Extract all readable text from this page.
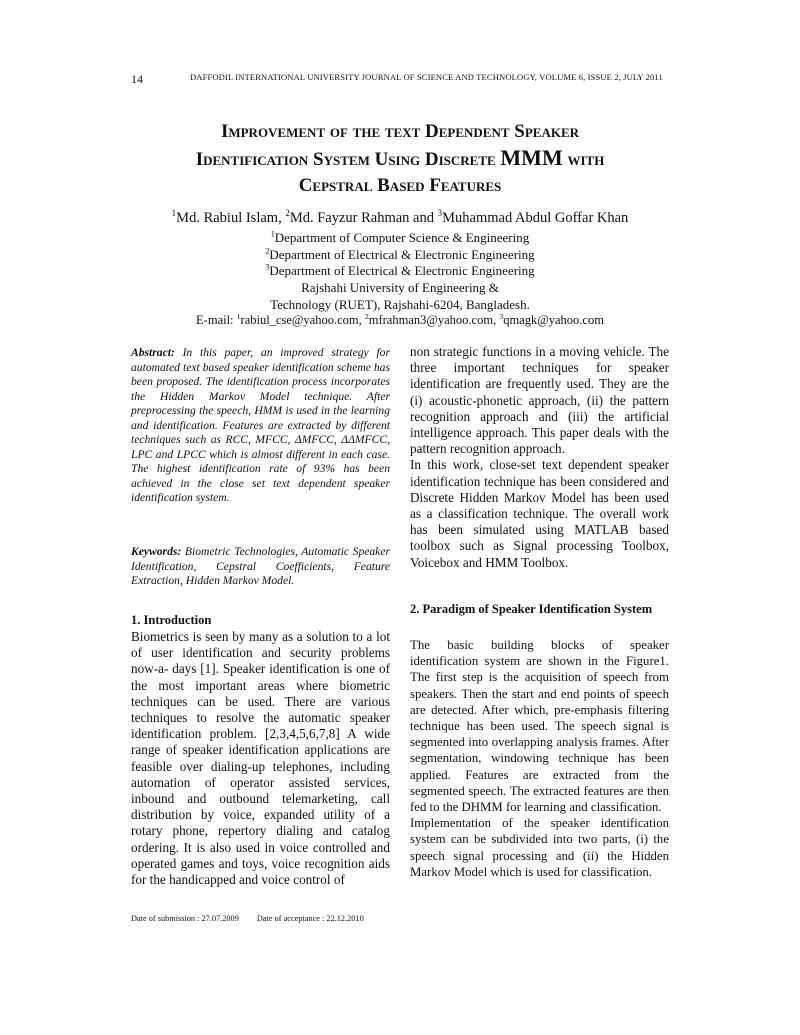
14	DAFFODIL INTERNATIONAL UNIVERSITY JOURNAL OF SCIENCE AND TECHNOLOGY, VOLUME 6, ISSUE 2, JULY 2011
Improvement of the text Dependent Speaker
Identification System Using Discrete MMM with
Cepstral Based Features
$^1$Md. Rabiul Islam, $^2$Md. Fayzur Rahman and $^3$Muhammad Abdul Goffar Khan
$^1$Department of Computer Science & Engineering
$^2$Department of Electrical & Electronic Engineering
$^3$Department of Electrical & Electronic Engineering
Rajshahi University of Engineering &
Technology (RUET), Rajshahi-6204, Bangladesh.
E-mail: $^1$rabiul_cse@yahoo.com, $^2$mfrahman3@yahoo.com, $^3$qmagk@yahoo.com
Abstract: In this paper, an improved strategy for automated text based speaker identification scheme has been proposed. The identification process incorporates the Hidden Markov Model technique. After preprocessing the speech, HMM is used in the learning and identification. Features are extracted by different techniques such as RCC, MFCC, ΔMFCC, ΔΔMFCC, LPC and LPCC which is almost different in each case. The highest identification rate of 93% has been achieved in the close set text dependent speaker identification system.
Keywords: Biometric Technologies, Automatic Speaker Identification, Cepstral Coefficients, Feature Extraction, Hidden Markov Model.
1. Introduction
Biometrics is seen by many as a solution to a lot of user identification and security problems now-a- days [1]. Speaker identification is one of the most important areas where biometric techniques can be used. There are various techniques to resolve the automatic speaker identification problem. [2,3,4,5,6,7,8] A wide range of speaker identification applications are feasible over dialing-up telephones, including automation of operator assisted services, inbound and outbound telemarketing, call distribution by voice, expanded utility of a rotary phone, repertory dialing and catalog ordering. It is also used in voice controlled and operated games and toys, voice recognition aids for the handicapped and voice control of

non strategic functions in a moving vehicle. The three important techniques for speaker identification are frequently used. They are the (i) acoustic-phonetic approach, (ii) the pattern recognition approach and (iii) the artificial intelligence approach. This paper deals with the pattern recognition approach.

In this work, close-set text dependent speaker identification technique has been considered and Discrete Hidden Markov Model has been used as a classification technique. The overall work has been simulated using MATLAB based toolbox such as Signal processing Toolbox, Voicebox and HMM Toolbox.

2. Paradigm of Speaker Identification System

The basic building blocks of speaker identification system are shown in the Figure1. The first step is the acquisition of speech from speakers. Then the start and end points of speech are detected. After which, pre-emphasis filtering technique has been used. The speech signal is segmented into overlapping analysis frames. After segmentation, windowing technique has been applied. Features are extracted from the segmented speech. The extracted features are then fed to the DHMM for learning and classification.

Implementation of the speaker identification system can be subdivided into two parts, (i) the speech signal processing and (ii) the Hidden Markov Model which is used for classification.

Date of submission : 27.07.2009 Date of acceptance : 22.12.2010
